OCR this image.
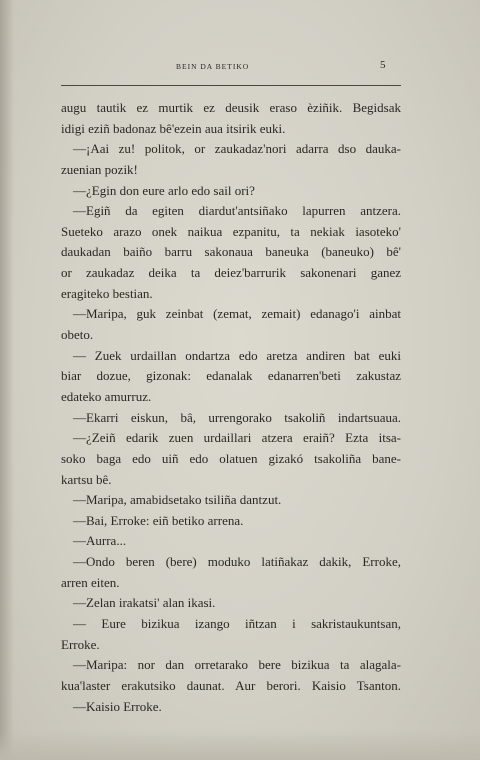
BEIN DA BETIKO	5
augu tautik ez murtik ez deusik eraso èziñik. Begidsak
idigi eziñ badonaz bê'ezein aua itsirik euki.
—¡Aai zu! politok, or zaukadaz'nori adarra dso dauka-
zuenian pozik!
—¿Egin don eure arlo edo sail ori?
—Egiñ da egiten diardut'antsiñako lapurren antzera.
Sueteko arazo onek naikua ezpanitu, ta nekiak iasoteko'
daukadan baiño barru sakonaua baneuka (baneuko) bê'
or zaukadaz deika ta deiez'barrurik sakonenari ganez
eragiteko bestian.
—Maripa, guk zeinbat (zemat, zemait) edanago'i ainbat
obeto.
— Zuek urdaillan ondartza edo aretza andiren bat euki
biar dozue, gizonak: edanalak edanarren'beti zakustaz
edateko amurruz.
—Ekarri eiskun, bâ, urrengorako tsakoliñ indartsuaua.
—¿Zeiñ edarik zuen urdaillari atzera eraiñ? Ezta itsa-
soko baga edo uiñ edo olatuen gizakó tsakoliña bane-
kartsu bê.
—Maripa, amabidsetako tsiliña dantzut.
—Bai, Erroke: eiñ betiko arrena.
—Aurra...
—Ondo beren (bere) moduko latiñakaz dakik, Erroke,
arren eiten.
—Zelan irakatsi' alan ikasi.
— Eure bizikua izango iñtzan i sakristaukuntsan,
Erroke.
—Maripa: nor dan orretarako bere bizikua ta alagala-
kua'laster erakutsiko daunat. Aur berori. Kaisio Tsanton.
—Kaisio Erroke.
